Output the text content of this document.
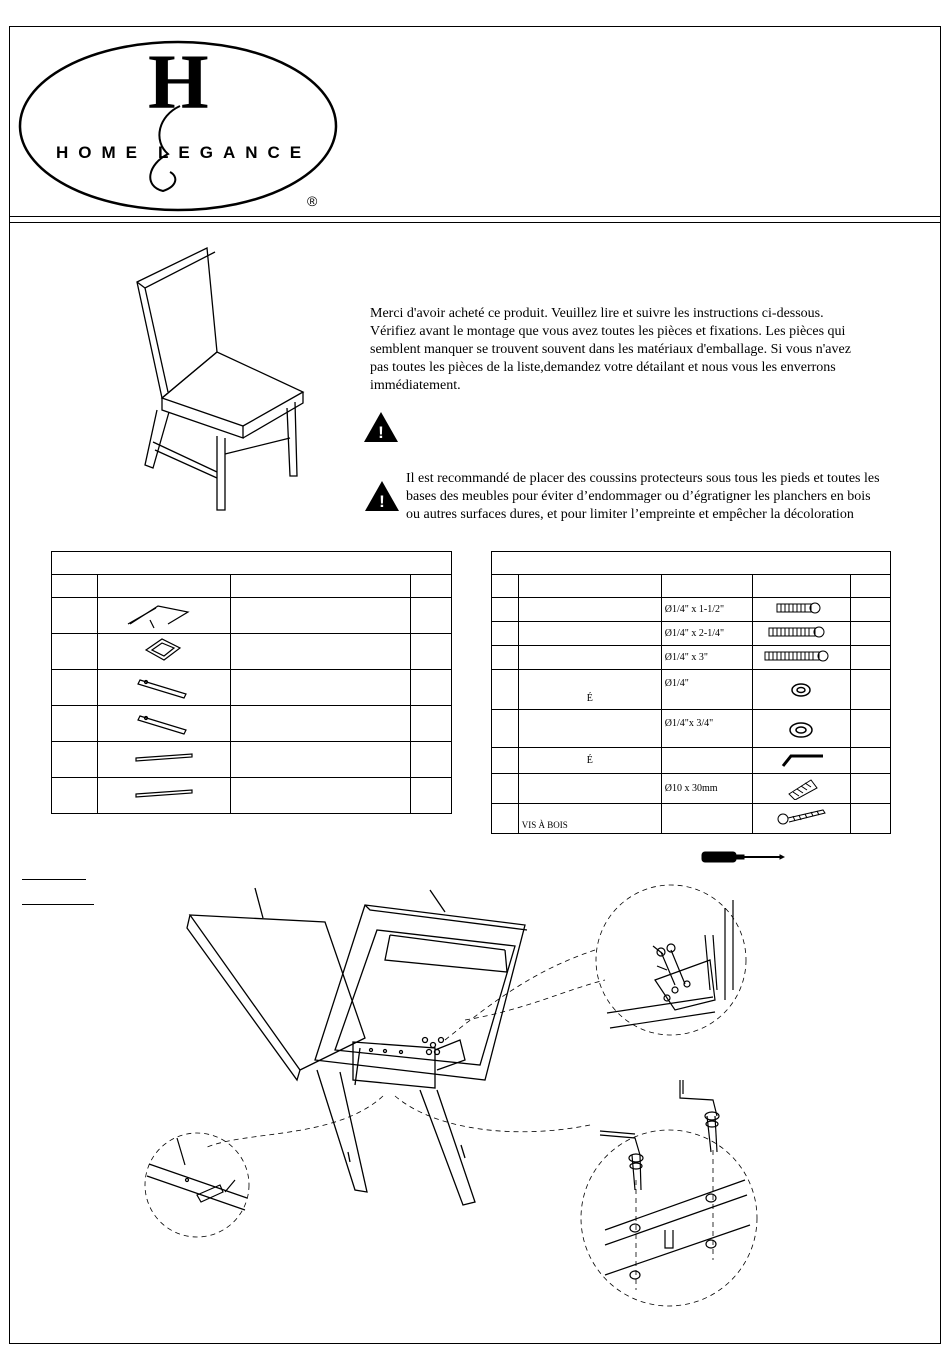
H
HOME LEGANCE
®

Merci d'avoir acheté ce produit. Veuillez lire et suivre les instructions ci-dessous.

Vérifiez avant le montage que vous avez toutes les pièces et fixations. Les pièces qui

semblent manquer se trouvent souvent dans les matériaux d'emballage. Si vous n'avez

pas toutes les pièces de la liste,demandez votre détailant et nous vous les enverrons

immédiatement.

!
!
Il est recommandé de placer des coussins protecteurs sous tous les pieds et toutes les
bases des meubles pour éviter d’endommager ou d’égratigner les planchers en bois
ou autres surfaces dures, et pour limiter l’empreinte et empêcher la décoloration

		Ø1/4" x 1-1/2"		
		Ø1/4" x 2-1/4"		
		Ø1/4" x 3"		
	É	Ø1/4"		
		Ø1/4"x 3/4"		
	É			
		Ø10 x 30mm		
	VIS À BOIS			
